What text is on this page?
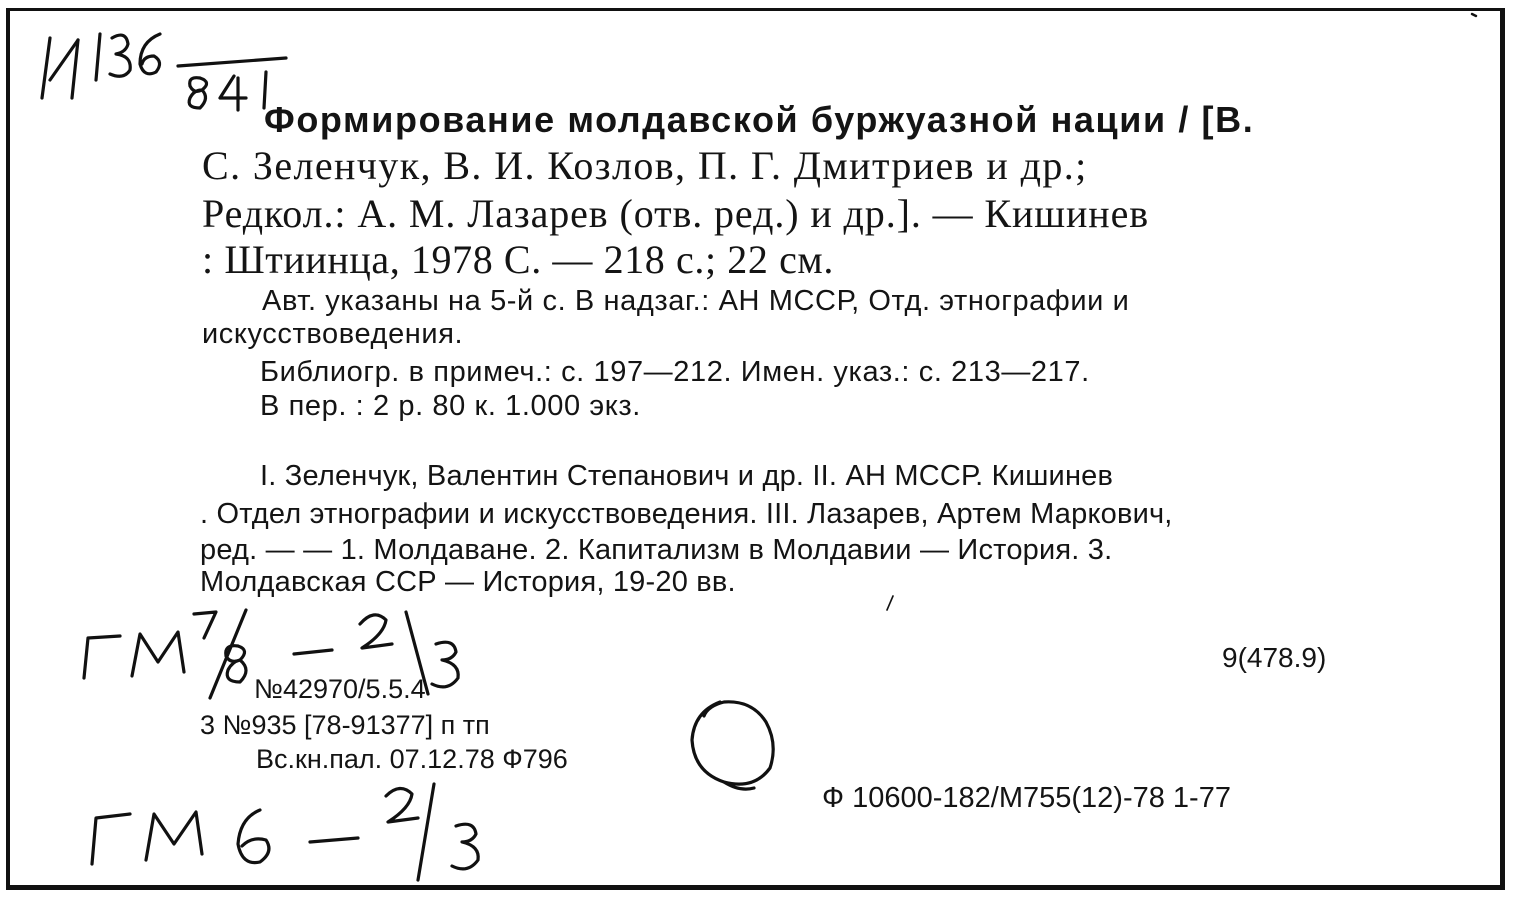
Формирование молдавской буржуазной нации / [В.
С. Зеленчук, В. И. Козлов, П. Г. Дмитриев и др.;
Редкол.: А. М. Лазарев (отв. ред.) и др.]. — Кишинев
: Штиинца, 1978 С. — 218 с.; 22 см.
Авт. указаны на 5-й с. В надзаг.: АН МССР, Отд. этнографии и
искусствоведения.
Библиогр. в примеч.: с. 197—212. Имен. указ.: с. 213—217.
В пер. : 2 р. 80 к. 1.000 экз.
I. Зеленчук, Валентин Степанович и др. II. АН МССР. Кишинев
. Отдел этнографии и искусствоведения. III. Лазарев, Артем Маркович,
ред. — — 1. Молдаване. 2. Капитализм в Молдавии — История. 3.
Молдавская ССР — История, 19-20 вв.
9(478.9)
№42970/5.5.4
3 №935 [78-91377] п тп
Вс.кн.пал. 07.12.78 Ф796
Ф 10600-182/М755(12)-78 1-77
